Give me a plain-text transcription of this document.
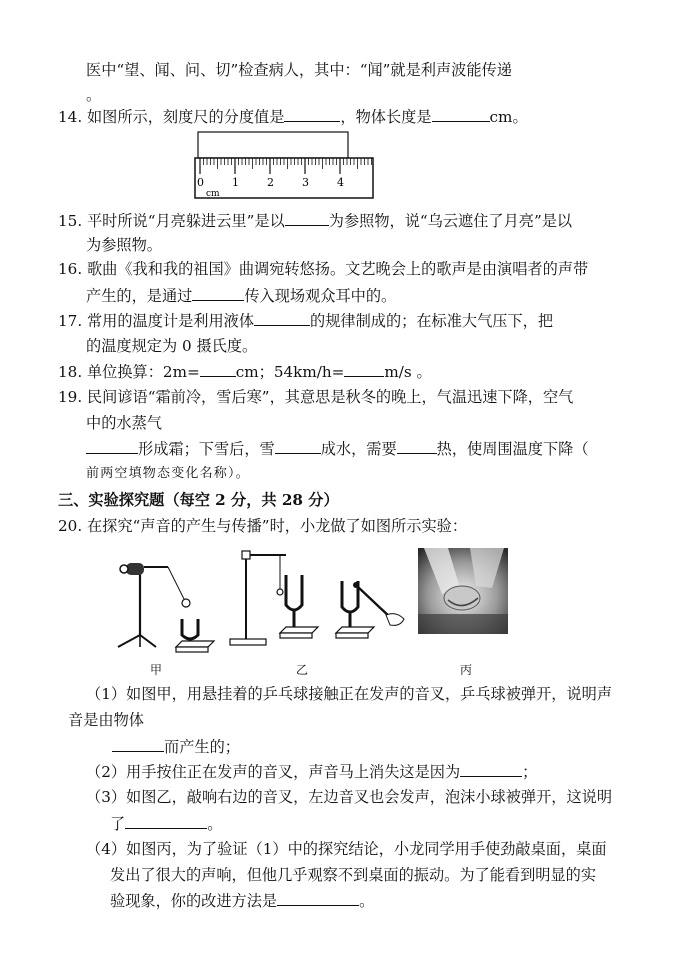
医中“望、闻、问、切”检查病人，其中：“闻”就是利声波能传递
。
14. 如图所示，刻度尺的分度值是	，物体长度是	cm。
0	1	2	3	4
cm
15. 平时所说“月亮躲进云里”是以	为参照物，说“乌云遮住了月亮”是以
为参照物。
16. 歌曲《我和我的祖国》曲调宛转悠扬。文艺晚会上的歌声是由演唱者的声带
产生的，是通过	传入现场观众耳中的。
17. 常用的温度计是利用液体	的规律制成的；在标准大气压下，把
的温度规定为 0 摄氏度。
18. 单位换算：2m= cm；54km/h=	m/s 。
19. 民间谚语“霜前冷，雪后寒”，其意思是秋冬的晚上，气温迅速下降，空气
中的水蒸气
形成霜；下雪后，雪	成水，需要	热，使周围温度下降（
前两空填物态变化名称）。
三、实验探究题（每空 2 分，共 28 分）
20. 在探究“声音的产生与传播”时，小龙做了如图所示实验：
甲	乙	丙
（1）如图甲，用悬挂着的乒乓球接触正在发声的音叉，乒乓球被弹开，说明声
音是由物体
而产生的；
（2）用手按住正在发声的音叉，声音马上消失这是因为	；
（3）如图乙，敲响右边的音叉，左边音叉也会发声，泡沫小球被弹开，这说明
了	。
（4）如图丙，为了验证（1）中的探究结论，小龙同学用手使劲敲桌面，桌面
发出了很大的声响，但他几乎观察不到桌面的振动。为了能看到明显的实
验现象，你的改进方法是	。
